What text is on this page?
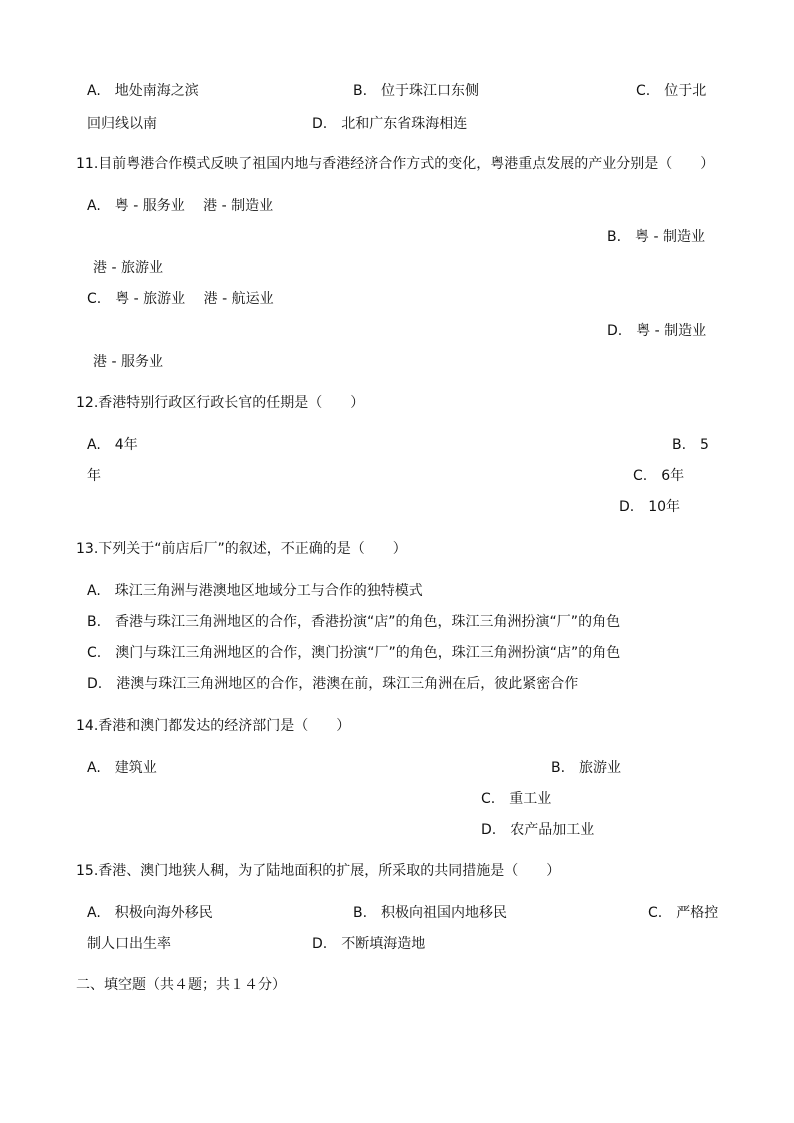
A.　地处南海之滨	B.　位于珠江口东侧	C.　位于北
回归线以南	D.　北和广东省珠海相连
11.目前粤港合作模式反映了祖国内地与香港经济合作方式的变化，粤港重点发展的产业分别是（　　）
A.　粤 - 服务业　 港 - 制造业
B.　粤 - 制造业
港 - 旅游业
C.　粤 - 旅游业　 港 - 航运业
D.　粤 - 制造业
港 - 服务业
12.香港特别行政区行政长官的任期是（　　）
A.　4年	B.　5
年	C.　6年
D.　10年
13.下列关于“前店后厂”的叙述，不正确的是（　　）
A.　珠江三角洲与港澳地区地域分工与合作的独特模式
B.　香港与珠江三角洲地区的合作，香港扮演“店”的角色，珠江三角洲扮演“厂”的角色
C.　澳门与珠江三角洲地区的合作，澳门扮演“厂”的角色，珠江三角洲扮演“店”的角色
D.　港澳与珠江三角洲地区的合作，港澳在前，珠江三角洲在后，彼此紧密合作
14.香港和澳门都发达的经济部门是（　　）
A.　建筑业	B.　旅游业
C.　重工业
D.　农产品加工业
15.香港、澳门地狭人稠，为了陆地面积的扩展，所采取的共同措施是（　　）
A.　积极向海外移民	B.　积极向祖国内地移民	C.　严格控
制人口出生率	D.　不断填海造地
二、填空题（共４题；共１４分）
